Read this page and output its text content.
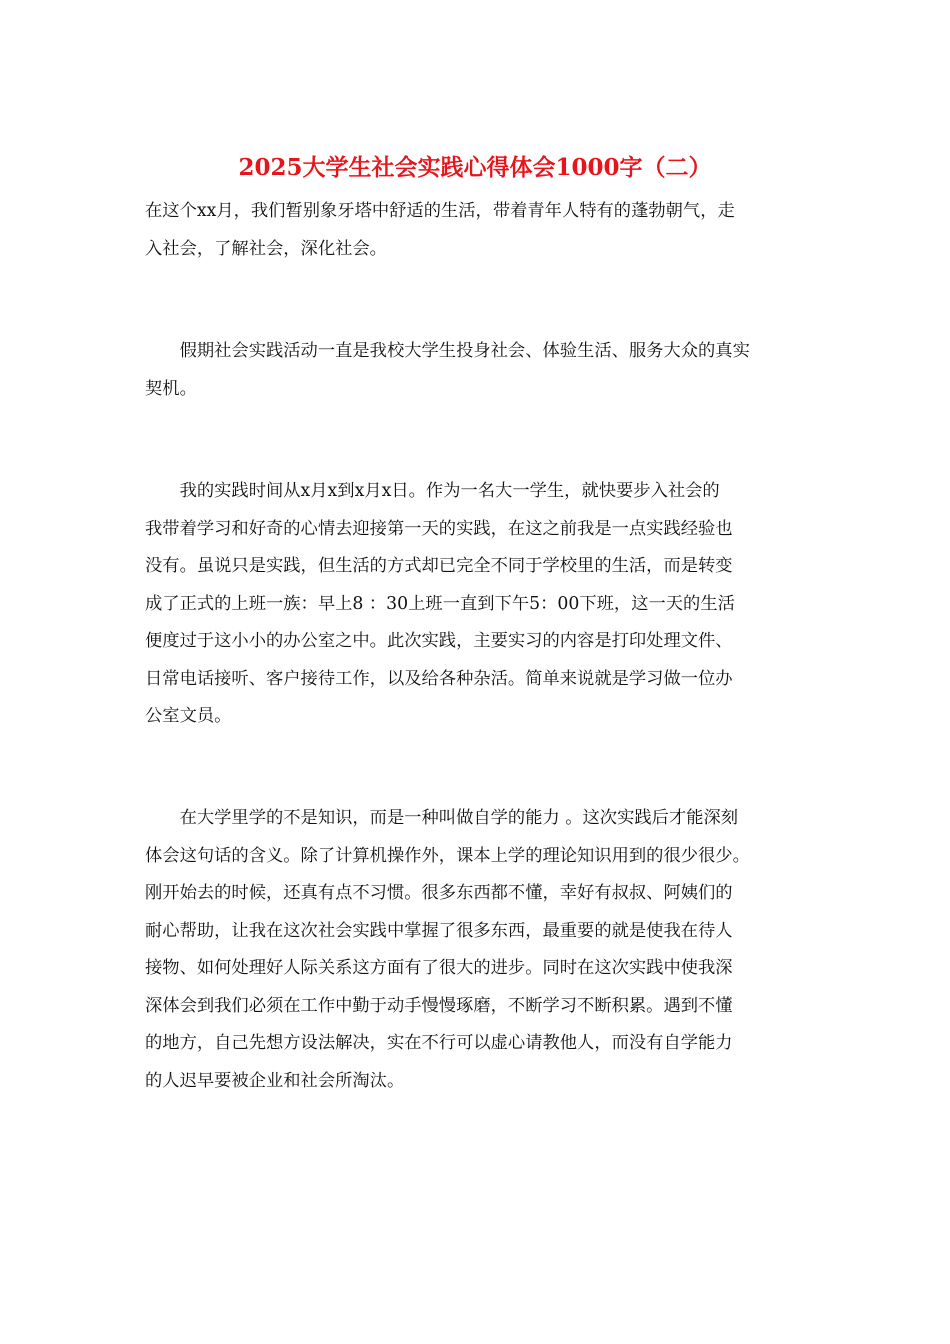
2025大学生社会实践心得体会1000字（二）
在这个xx月，我们暂别象牙塔中舒适的生活，带着青年人特有的蓬勃朝气，走
入社会，了解社会，深化社会。
　　假期社会实践活动一直是我校大学生投身社会、体验生活、服务大众的真实
契机。
　　我的实践时间从x月x到x月x日。作为一名大一学生，就快要步入社会的
我带着学习和好奇的心情去迎接第一天的实践，在这之前我是一点实践经验也
没有。虽说只是实践，但生活的方式却已完全不同于学校里的生活，而是转变
成了正式的上班一族：早上8 ：30上班一直到下午5：00下班，这一天的生活
便度过于这小小的办公室之中。此次实践，主要实习的内容是打印处理文件、
日常电话接听、客户接待工作，以及给各种杂活。简单来说就是学习做一位办
公室文员。
　　在大学里学的不是知识，而是一种叫做自学的能力 。这次实践后才能深刻
体会这句话的含义。除了计算机操作外，课本上学的理论知识用到的很少很少。
刚开始去的时候，还真有点不习惯。很多东西都不懂，幸好有叔叔、阿姨们的
耐心帮助，让我在这次社会实践中掌握了很多东西，最重要的就是使我在待人
接物、如何处理好人际关系这方面有了很大的进步。同时在这次实践中使我深
深体会到我们必须在工作中勤于动手慢慢琢磨，不断学习不断积累。遇到不懂
的地方，自己先想方设法解决，实在不行可以虚心请教他人，而没有自学能力
的人迟早要被企业和社会所淘汰。
